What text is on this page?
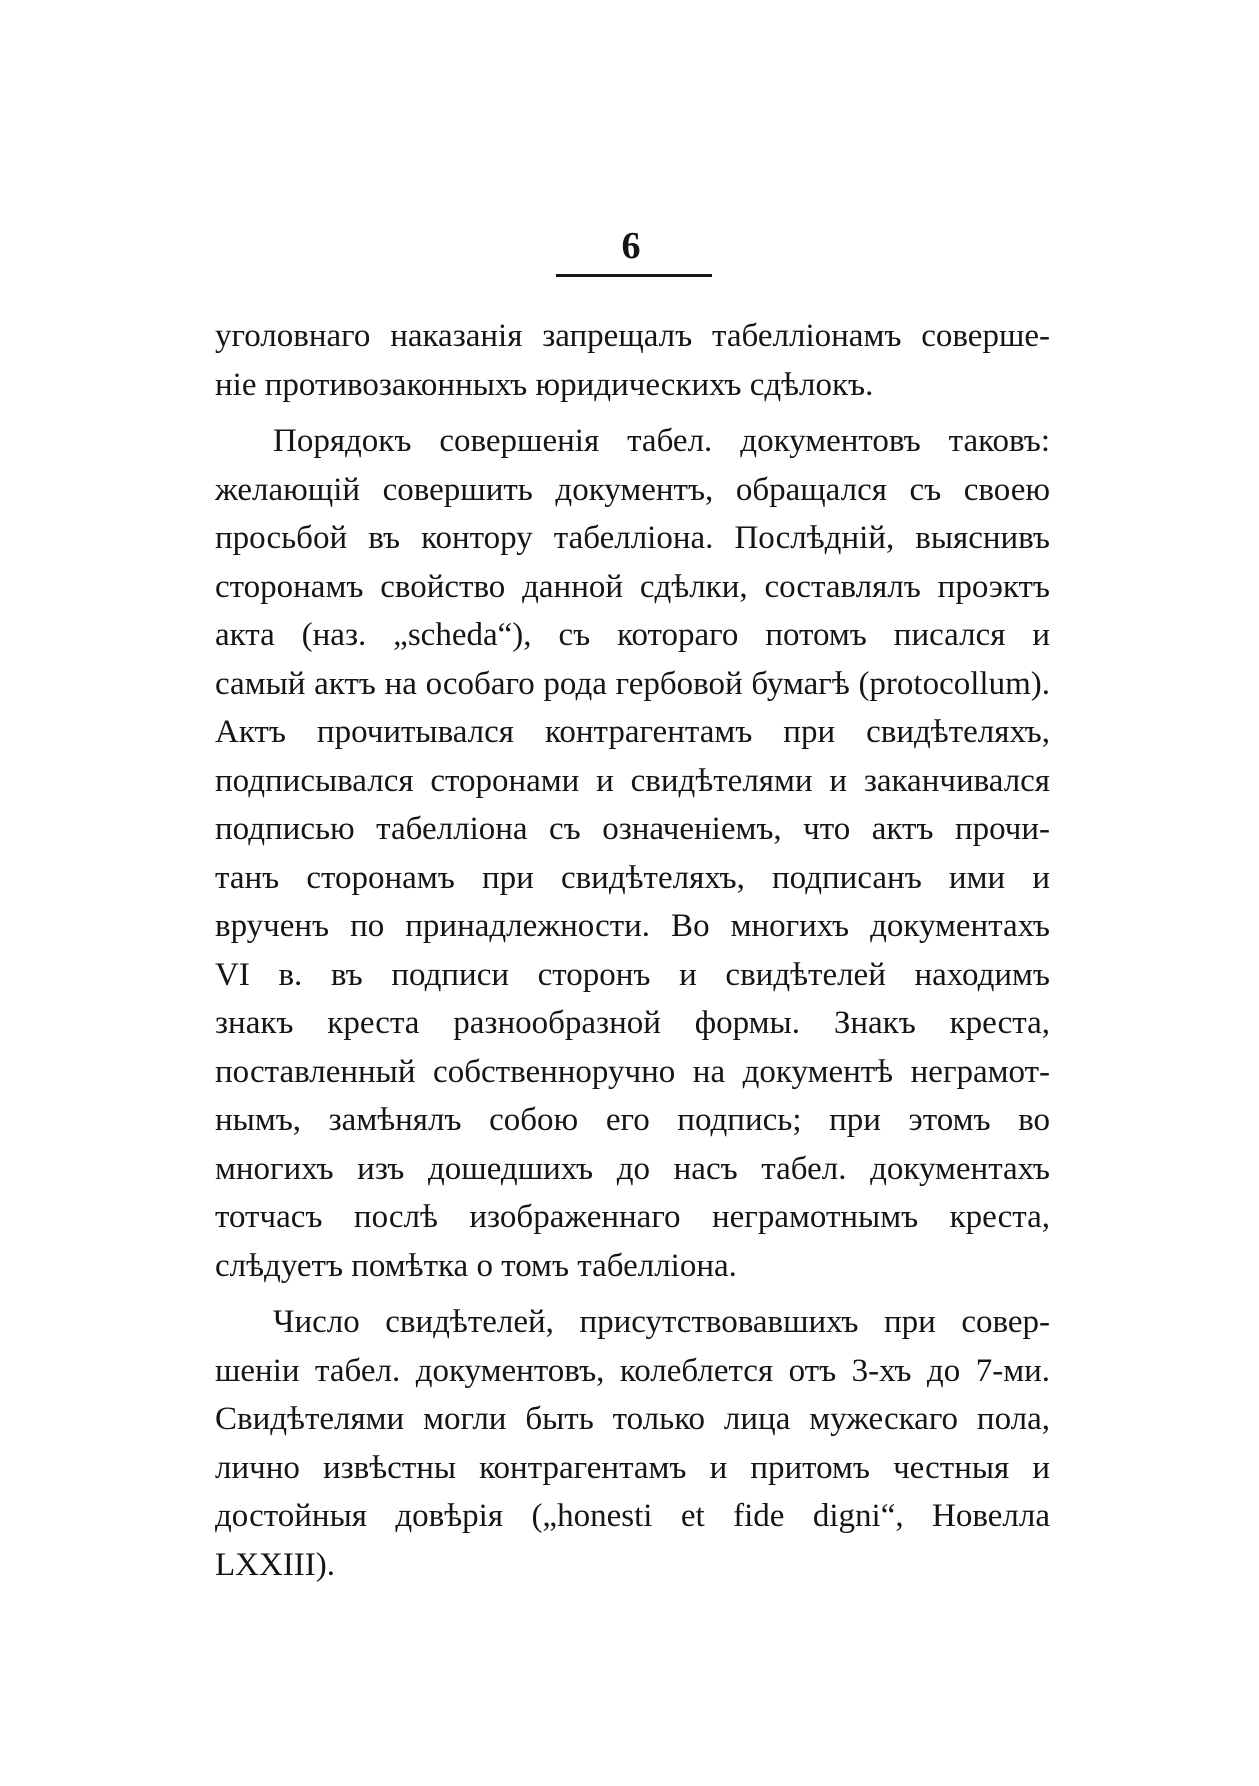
6
уголовнаго наказанія запрещалъ табелліонамъ соверше-
ніе противозаконныхъ юридическихъ сдѣлокъ.
Порядокъ совершенія табел. документовъ таковъ:
желающій совершить документъ, обращался съ своею
просьбой въ контору табелліона. Послѣдній, выяснивъ
сторонамъ свойство данной сдѣлки, составлялъ проэктъ
акта (наз. „scheda“), съ котораго потомъ писался и
самый актъ на особаго рода гербовой бумагѣ (protocollum).
Актъ прочитывался контрагентамъ при свидѣтеляхъ,
подписывался сторонами и свидѣтелями и заканчивался
подписью табелліона съ означеніемъ, что актъ прочи-
танъ сторонамъ при свидѣтеляхъ, подписанъ ими и
врученъ по принадлежности. Во многихъ документахъ
VI в. въ подписи сторонъ и свидѣтелей находимъ
знакъ креста разнообразной формы. Знакъ креста,
поставленный собственноручно на документѣ неграмот-
нымъ, замѣнялъ собою его подпись; при этомъ во
многихъ изъ дошедшихъ до насъ табел. документахъ
тотчасъ послѣ изображеннаго неграмотнымъ креста,
слѣдуетъ помѣтка о томъ табелліона.
Число свидѣтелей, присутствовавшихъ при совер-
шеніи табел. документовъ, колеблется отъ 3-хъ до 7-ми.
Свидѣтелями могли быть только лица мужескаго пола,
лично извѣстны контрагентамъ и притомъ честныя и
достойныя довѣрія („honesti et fide digni“, Новелла
LXXIII).
